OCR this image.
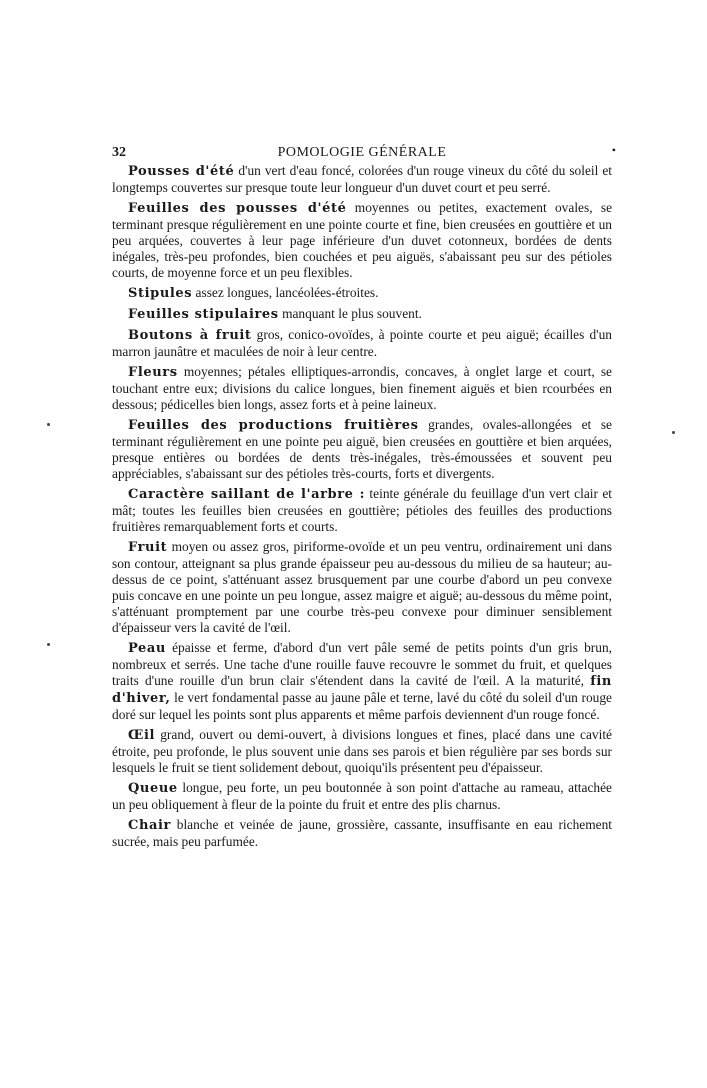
32	POMOLOGIE GÉNÉRALE	•

Pousses d'été d'un vert d'eau foncé, colorées d'un rouge vineux du côté du soleil et longtemps couvertes sur presque toute leur longueur d'un duvet court et peu serré.

Feuilles des pousses d'été moyennes ou petites, exactement ovales, se terminant presque régulièrement en une pointe courte et fine, bien creusées en gouttière et un peu arquées, couvertes à leur page inférieure d'un duvet cotonneux, bordées de dents inégales, très-peu profondes, bien couchées et peu aiguës, s'abaissant peu sur des pétioles courts, de moyenne force et un peu flexibles.

Stipules assez longues, lancéolées-étroites.

Feuilles stipulaires manquant le plus souvent.

Boutons à fruit gros, conico-ovoïdes, à pointe courte et peu aiguë; écailles d'un marron jaunâtre et maculées de noir à leur centre.

Fleurs moyennes; pétales elliptiques-arrondis, concaves, à onglet large et court, se touchant entre eux; divisions du calice longues, bien finement aiguës et bien rcourbées en dessous; pédicelles bien longs, assez forts et à peine laineux.

Feuilles des productions fruitières grandes, ovales-allongées et se terminant régulièrement en une pointe peu aiguë, bien creusées en gouttière et bien arquées, presque entières ou bordées de dents très-inégales, très-émoussées et souvent peu appréciables, s'abaissant sur des pétioles très-courts, forts et divergents.

Caractère saillant de l'arbre : teinte générale du feuillage d'un vert clair et mât; toutes les feuilles bien creusées en gouttière; pétioles des feuilles des productions fruitières remarquablement forts et courts.

Fruit moyen ou assez gros, piriforme-ovoïde et un peu ventru, ordinairement uni dans son contour, atteignant sa plus grande épaisseur peu au-dessous du milieu de sa hauteur; au-dessus de ce point, s'atténuant assez brusquement par une courbe d'abord un peu convexe puis concave en une pointe un peu longue, assez maigre et aiguë; au-dessous du même point, s'atténuant promptement par une courbe très-peu convexe pour diminuer sensiblement d'épaisseur vers la cavité de l'œil.

Peau épaisse et ferme, d'abord d'un vert pâle semé de petits points d'un gris brun, nombreux et serrés. Une tache d'une rouille fauve recouvre le sommet du fruit, et quelques traits d'une rouille d'un brun clair s'étendent dans la cavité de l'œil. A la maturité, fin d'hiver, le vert fondamental passe au jaune pâle et terne, lavé du côté du soleil d'un rouge doré sur lequel les points sont plus apparents et même parfois deviennent d'un rouge foncé.

Œil grand, ouvert ou demi-ouvert, à divisions longues et fines, placé dans une cavité étroite, peu profonde, le plus souvent unie dans ses parois et bien régulière par ses bords sur lesquels le fruit se tient solidement debout, quoiqu'ils présentent peu d'épaisseur.

Queue longue, peu forte, un peu boutonnée à son point d'attache au rameau, attachée un peu obliquement à fleur de la pointe du fruit et entre des plis charnus.

Chair blanche et veinée de jaune, grossière, cassante, insuffisante en eau richement sucrée, mais peu parfumée.
